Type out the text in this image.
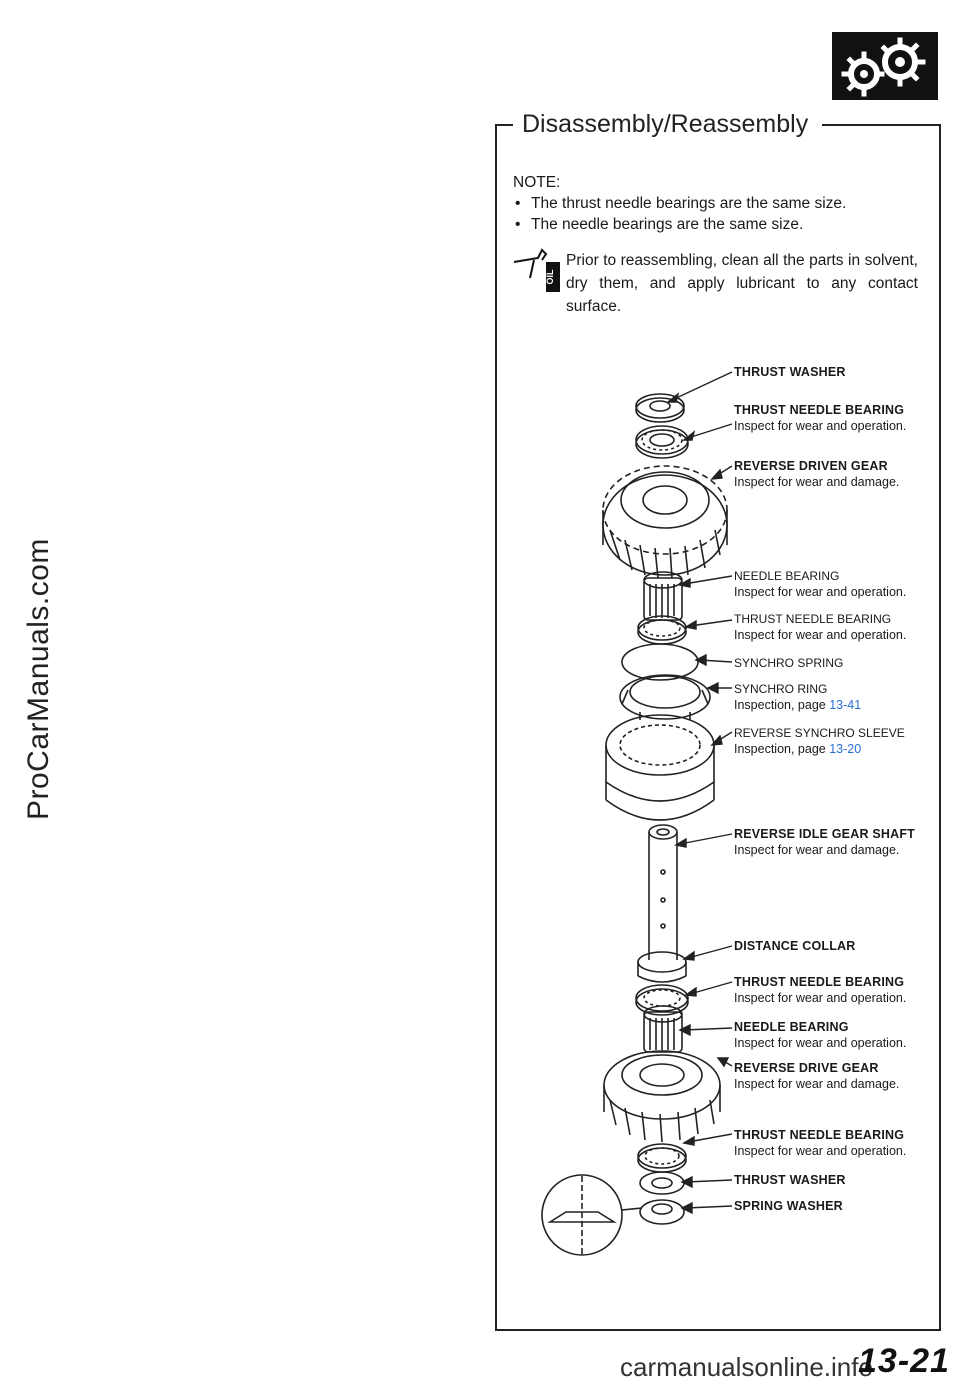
ProCarManuals.com
carmanualsonline.info
Disassembly/Reassembly
NOTE:
• The thrust needle bearings are the same size.
• The needle bearings are the same size.
OIL
Prior to reassembling, clean all the parts in solvent, dry them, and apply lubricant to any contact surface.
THRUST WASHER
THRUST NEEDLE BEARING
Inspect for wear and operation.
REVERSE DRIVEN GEAR
Inspect for wear and damage.
NEEDLE BEARING
Inspect for wear and operation.
THRUST NEEDLE BEARING
Inspect for wear and operation.
SYNCHRO SPRING
SYNCHRO RING
Inspection, page 13-41
REVERSE SYNCHRO SLEEVE
Inspection, page 13-20
REVERSE IDLE GEAR SHAFT
Inspect for wear and damage.
DISTANCE COLLAR
THRUST NEEDLE BEARING
Inspect for wear and operation.
NEEDLE BEARING
Inspect for wear and operation.
REVERSE DRIVE GEAR
Inspect for wear and damage.
THRUST NEEDLE BEARING
Inspect for wear and operation.
THRUST WASHER
SPRING WASHER
13-21
